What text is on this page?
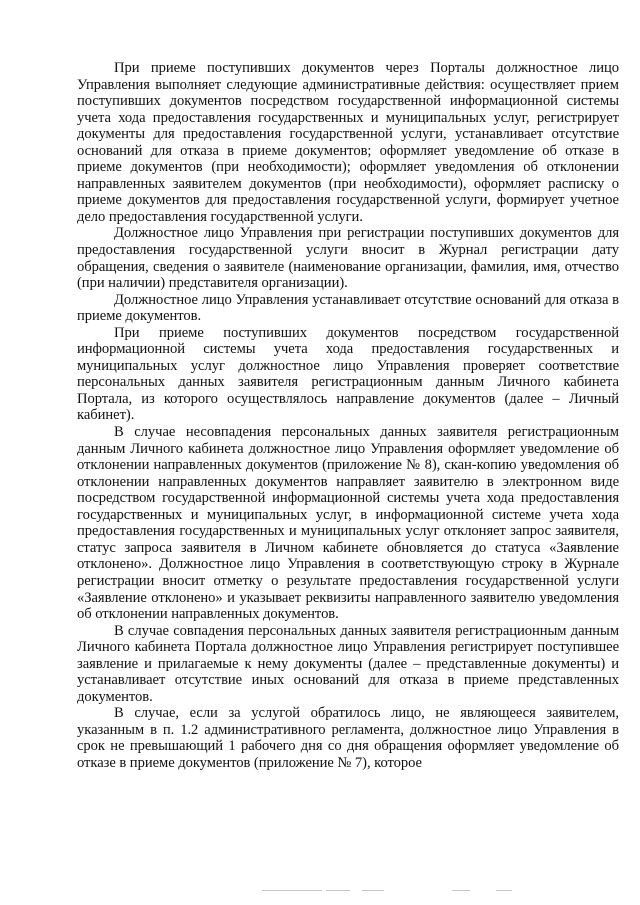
При приеме поступивших документов через Порталы должностное лицо Управления выполняет следующие административные действия: осуществляет прием поступивших документов посредством государственной информационной системы учета хода предоставления государственных и муниципальных услуг, регистрирует документы для предоставления государственной услуги, устанавливает отсутствие оснований для отказа в приеме документов; оформляет уведомление об отказе в приеме документов (при необходимости); оформляет уведомления об отклонении направленных заявителем документов (при необходимости), оформляет расписку о приеме документов для предоставления государственной услуги, формирует учетное дело предоставления государственной услуги.

Должностное лицо Управления при регистрации поступивших документов для предоставления государственной услуги вносит в Журнал регистрации дату обращения, сведения о заявителе (наименование организации, фамилия, имя, отчество (при наличии) представителя организации).

Должностное лицо Управления устанавливает отсутствие оснований для отказа в приеме документов.

При приеме поступивших документов посредством государственной информационной системы учета хода предоставления государственных и муниципальных услуг должностное лицо Управления проверяет соответствие персональных данных заявителя регистрационным данным Личного кабинета Портала, из которого осуществлялось направление документов (далее – Личный кабинет).

В случае несовпадения персональных данных заявителя регистрационным данным Личного кабинета должностное лицо Управления оформляет уведомление об отклонении направленных документов (приложение № 8), скан-копию уведомления об отклонении направленных документов направляет заявителю в электронном виде посредством государственной информационной системы учета хода предоставления государственных и муниципальных услуг, в информационной системе учета хода предоставления государственных и муниципальных услуг отклоняет запрос заявителя, статус запроса заявителя в Личном кабинете обновляется до статуса «Заявление отклонено». Должностное лицо Управления в соответствующую строку в Журнале регистрации вносит отметку о результате предоставления государственной услуги «Заявление отклонено» и указывает реквизиты направленного заявителю уведомления об отклонении направленных документов.

В случае совпадения персональных данных заявителя регистрационным данным Личного кабинета Портала должностное лицо Управления регистрирует поступившее заявление и прилагаемые к нему документы (далее – представленные документы) и устанавливает отсутствие иных оснований для отказа в приеме представленных документов.

В случае, если за услугой обратилось лицо, не являющееся заявителем, указанным в п. 1.2 административного регламента, должностное лицо Управления в срок не превышающий 1 рабочего дня со дня обращения оформляет уведомление об отказе в приеме документов (приложение № 7), которое
